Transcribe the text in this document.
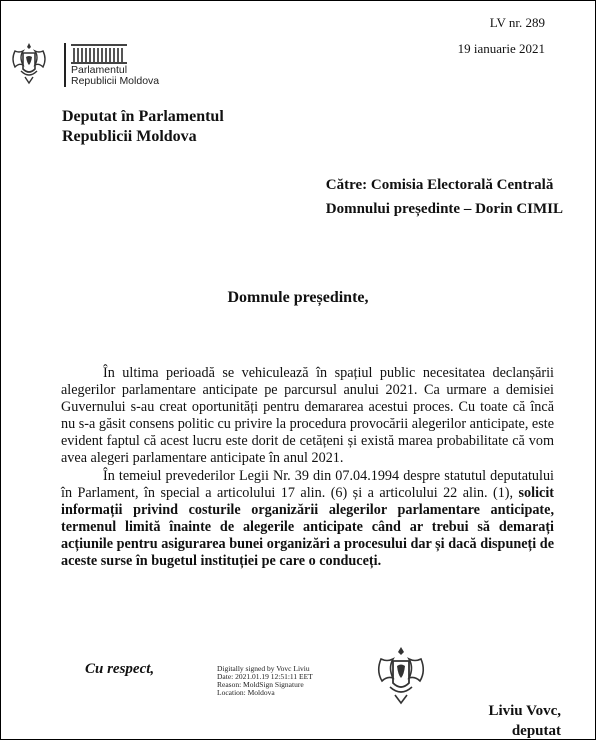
LV nr. 289
19 ianuarie 2021
Parlamentul
Republicii Moldova
Deputat în Parlamentul
Republicii Moldova
Către: Comisia Electorală Centrală
Domnului președinte – Dorin CIMIL
Domnule președinte,

În ultima perioadă se vehiculează în spațiul public necesitatea declanșării alegerilor parlamentare anticipate pe parcursul anului 2021. Ca urmare a demisiei Guvernului s-au creat oportunități pentru demararea acestui proces. Cu toate că încă nu s-a găsit consens politic cu privire la procedura provocării alegerilor anticipate, este evident faptul că acest lucru este dorit de cetățeni și există marea probabilitate că vom avea alegeri parlamentare anticipate în anul 2021.

În temeiul prevederilor Legii Nr. 39 din 07.04.1994 despre statutul deputatului în Parlament, în special a articolului 17 alin. (6) și a articolului 22 alin. (1), solicit informații privind costurile organizării alegerilor parlamentare anticipate, termenul limită înainte de alegerile anticipate când ar trebui să demarați acțiunile pentru asigurarea bunei organizări a procesului dar și dacă dispuneți de aceste surse în bugetul instituției pe care o conduceți.

Cu respect,	Digitally signed by Vovc Liviu
Date: 2021.01.19 12:51:11 EET
Reason: MoldSign Signature
Location: Moldova
Liviu Vovc,
deputat
